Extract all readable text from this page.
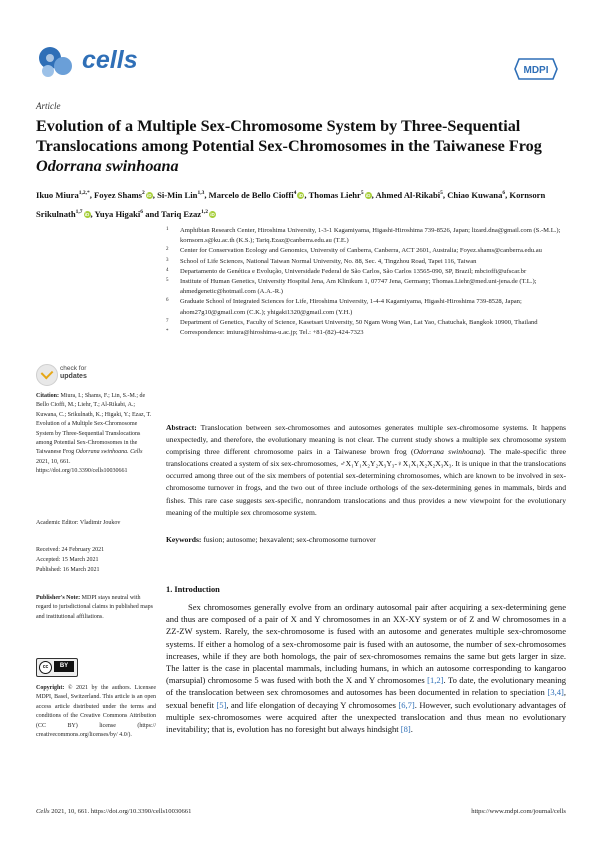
cells	MDPI
Article
Evolution of a Multiple Sex-Chromosome System by Three-Sequential Translocations among Potential Sex-Chromosomes in the Taiwanese Frog Odorrana swinhoana
Ikuo Miura$^{1,2,*}$, Foyez Shams$^2$ iD, Si-Min Lin$^{1,3}$, Marcelo de Bello Cioffi$^4$ iD, Thomas Liehr$^5$ iD, Ahmed Al-Rikabi$^5$, Chiao Kuwana$^6$, Kornsorn Srikulnath$^{1,7}$ iD, Yuya Higaki$^6$ and Tariq Ezaz$^{1,2}$ iD
1 Amphibian Research Center, Hiroshima University, 1-3-1 Kagamiyama, Higashi-Hiroshima 739-8526, Japan; lizard.dna@gmail.com (S.-M.L.); kornsorn.s@ku.ac.th (K.S.); Tariq.Ezaz@canberra.edu.au (T.E.)
2 Center for Conservation Ecology and Genomics, University of Canberra, Canberra, ACT 2601, Australia; Foyez.shams@canberra.edu.au
3 School of Life Sciences, National Taiwan Normal University, No. 88, Sec. 4, Tingzhou Road, Tapei 116, Taiwan
4 Departamento de Genética e Evolução, Universidade Federal de São Carlos, São Carlos 13565-090, SP, Brazil; mbcioffi@ufscar.br
5 Institute of Human Genetics, University Hospital Jena, Am Klinikum 1, 07747 Jena, Germany; Thomas.Liehr@med.uni-jena.de (T.L.); ahmedgenetic@hotmail.com (A.A.-R.)
6 Graduate School of Integrated Sciences for Life, Hiroshima University, 1-4-4 Kagamiyama, Higashi-Hiroshima 739-8528, Japan; ahom27g10@gmail.com (C.K.); yhigaki1320@gmail.com (Y.H.)
7 Department of Genetics, Faculty of Science, Kasetsart University, 50 Ngam Wong Wan, Lat Yao, Chatuchak, Bangkok 10900, Thailand
* Correspondence: imiura@hiroshima-u.ac.jp; Tel.: +81-(82)-424-7323
check for
updates
Citation: Miura, I.; Shams, F.; Lin, S.-M.; de Bello Cioffi, M.; Liehr, T.; Al-Rikabi, A.; Kuwana, C.; Srikulnath, K.; Higaki, Y.; Ezaz, T. Evolution of a Multiple Sex-Chromosome System by Three-Sequential Translocations among Potential Sex-Chromosomes in the Taiwanese Frog Odorrana swinhoana. Cells 2021, 10, 661. https://doi.org/10.3390/cells10030661
Academic Editor: Vladimir Joukov
Received: 24 February 2021
Accepted: 15 March 2021
Published: 16 March 2021
Publisher's Note: MDPI stays neutral with regard to jurisdictional claims in published maps and institutional affiliations.
cc	BY
Copyright: © 2021 by the authors. Licensee MDPI, Basel, Switzerland. This article is an open access article distributed under the terms and conditions of the Creative Commons Attribution (CC BY) license (https:// creativecommons.org/licenses/by/ 4.0/).
Abstract: Translocation between sex-chromosomes and autosomes generates multiple sex-chromosome systems. It happens unexpectedly, and therefore, the evolutionary meaning is not clear. The current study shows a multiple sex chromosome system comprising three different chromosome pairs in a Taiwanese brown frog (Odorrana swinhoana). The male-specific three translocations created a system of six sex-chromosomes, ♂X₁Y₁X₂Y₂X₃Y₃-♀X₁X₁X₂X₂X₃X₃. It is unique in that the translocations occurred among three out of the six members of potential sex-determining chromosomes, which are known to be involved in sex-chromosome turnover in frogs, and the two out of three include orthologs of the sex-determining genes in mammals, birds and fishes. This rare case suggests sex-specific, nonrandom translocations and thus provides a new viewpoint for the evolutionary meaning of the multiple sex chromosome system.
Keywords: fusion; autosome; hexavalent; sex-chromosome turnover
1. Introduction
Sex chromosomes generally evolve from an ordinary autosomal pair after acquiring a sex-determining gene and thus are composed of a pair of X and Y chromosomes in an XX-XY system or of Z and W chromosomes in a ZZ-ZW system. Rarely, the sex-chromosome is fused with an autosome and generates multiple sex-chromosome systems. If either a homolog of a sex-chromosome pair is fused with an autosome, the number of sex-chromosomes increases, while if they are both homologs, the pair of sex-chromosomes remains the same but gets larger in size. The latter is the case in placental mammals, including humans, in which an autosome corresponding to kangaroo (marsupial) chromosome 5 was fused with both the X and Y chromosomes [1,2]. To date, the evolutionary meaning of the translocation between sex chromosomes and autosomes has been documented in relation to speciation [3,4], sexual benefit [5], and life elongation of decaying Y chromosomes [6,7]. However, such evolutionary advantages of multiple sex-chromosomes were acquired after the unexpected translocation and thus mean no evolutionary inevitability; that is, evolution has no foresight but always hindsight [8].
Cells 2021, 10, 661. https://doi.org/10.3390/cells10030661	https://www.mdpi.com/journal/cells
